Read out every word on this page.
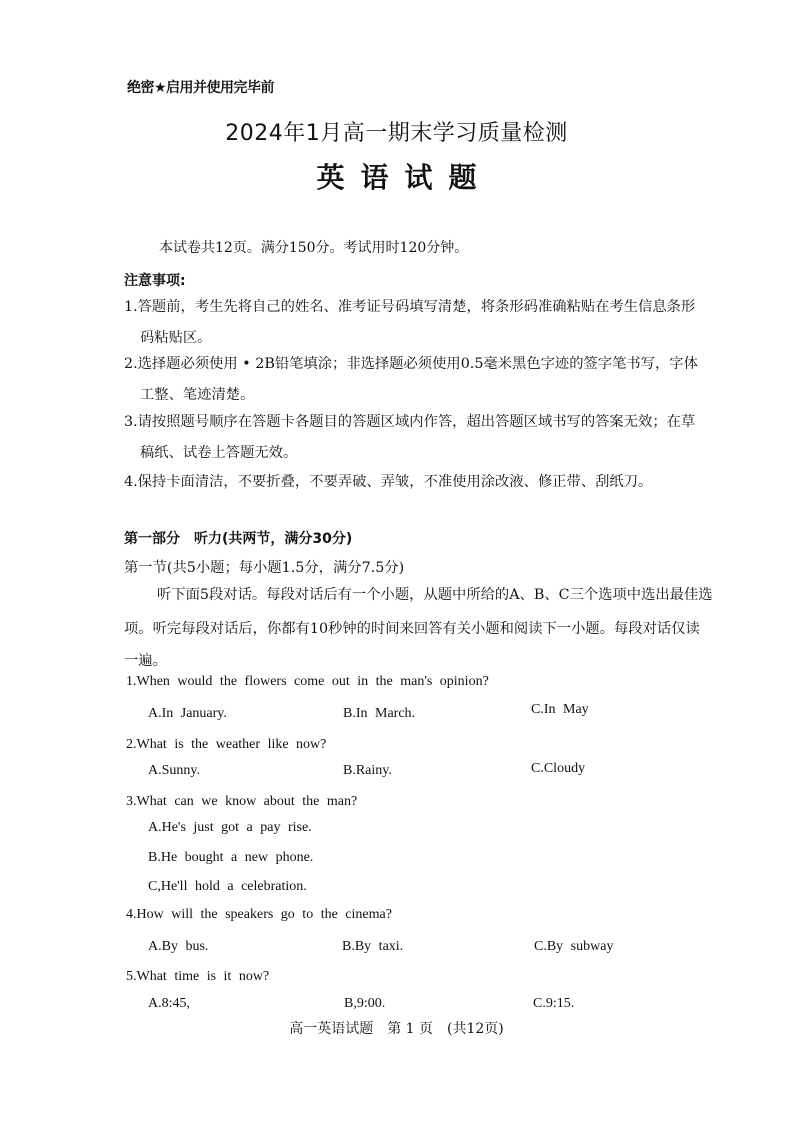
绝密★启用并使用完毕前
2024年1月高一期末学习质量检测
英语试题
本试卷共12页。满分150分。考试用时120分钟。
注意事项:
1.答题前，考生先将自己的姓名、准考证号码填写清楚，将条形码准确粘贴在考生信息条形
码粘贴区。
2.选择题必须使用 • 2B铅笔填涂；非选择题必须使用0.5毫米黑色字迹的签字笔书写，字体
工整、笔迹清楚。
3.请按照题号顺序在答题卡各题目的答题区域内作答，超出答题区域书写的答案无效；在草
稿纸、试卷上答题无效。
4.保持卡面清洁，不要折叠，不要弄破、弄皱，不准使用涂改液、修正带、刮纸刀。
第一部分　听力(共两节，满分30分)
第一节(共5小题；每小题1.5分，满分7.5分)
听下面5段对话。每段对话后有一个小题，从题中所给的A、B、C三个选项中选出最佳选
项。听完每段对话后，你都有10秒钟的时间来回答有关小题和阅读下一小题。每段对话仅读
一遍。
1.When would the flowers come out in the man's opinion?
A.In January.	B.In March.	C.In May
2.What is the weather like now?
A.Sunny.	B.Rainy.	C.Cloudy
3.What can we know about the man?
A.He's just got a pay rise.
B.He bought a new phone.
C,He'll hold a celebration.
4.How will the speakers go to the cinema?
A.By bus.	B.By taxi.	C.By subway
5.What time is it now?
A.8:45,	B,9:00.	C.9:15.
高一英语试题　第 1 页　(共12页)
